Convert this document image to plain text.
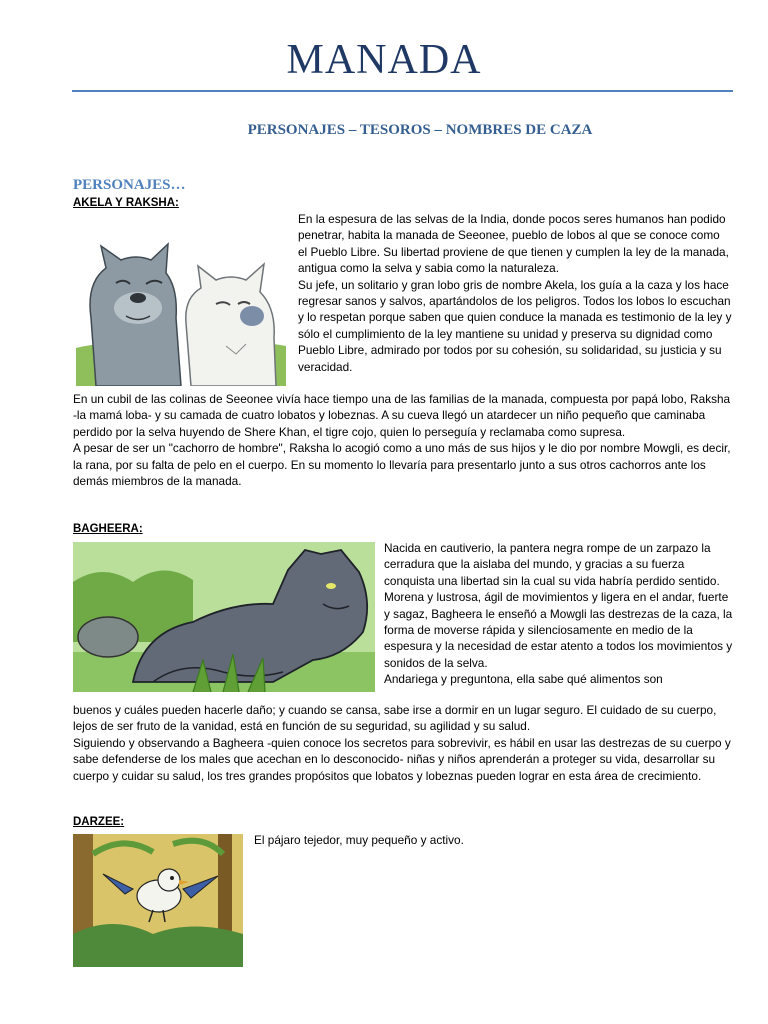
MANADA
PERSONAJES – TESOROS – NOMBRES DE CAZA
PERSONAJES…
AKELA Y RAKSHA:

En la espesura de las selvas de la India, donde pocos seres humanos han podido penetrar, habita la manada de Seeonee, pueblo de lobos al que se conoce como el Pueblo Libre. Su libertad proviene de que tienen y cumplen la ley de la manada, antigua como la selva y sabia como la naturaleza.

Su jefe, un solitario y gran lobo gris de nombre Akela, los guía a la caza y los hace regresar sanos y salvos, apartándolos de los peligros. Todos los lobos lo escuchan y lo respetan porque saben que quien conduce la manada es testimonio de la ley y sólo el cumplimiento de la ley mantiene su unidad y preserva su dignidad como Pueblo Libre, admirado por todos por su cohesión, su solidaridad, su justicia y su veracidad.

En un cubil de las colinas de Seeonee vivía hace tiempo una de las familias de la manada, compuesta por papá lobo, Raksha -la mamá loba- y su camada de cuatro lobatos y lobeznas. A su cueva llegó un atardecer un niño pequeño que caminaba perdido por la selva huyendo de Shere Khan, el tigre cojo, quien lo perseguía y reclamaba como supresa.

A pesar de ser un "cachorro de hombre", Raksha lo acogió como a uno más de sus hijos y le dio por nombre Mowgli, es decir, la rana, por su falta de pelo en el cuerpo. En su momento lo llevaría para presentarlo junto a sus otros cachorros ante los demás miembros de la manada.

BAGHEERA:

Nacida en cautiverio, la pantera negra rompe de un zarpazo la cerradura que la aislaba del mundo, y gracias a su fuerza conquista una libertad sin la cual su vida habría perdido sentido.

Morena y lustrosa, ágil de movimientos y ligera en el andar, fuerte y sagaz, Bagheera le enseñó a Mowgli las destrezas de la caza, la forma de moverse rápida y silenciosamente en medio de la espesura y la necesidad de estar atento a todos los movimientos y sonidos de la selva.

Andariega y preguntona, ella sabe qué alimentos son

buenos y cuáles pueden hacerle daño; y cuando se cansa, sabe irse a dormir en un lugar seguro. El cuidado de su cuerpo, lejos de ser fruto de la vanidad, está en función de su seguridad, su agilidad y su salud.

Siguiendo y observando a Bagheera -quien conoce los secretos para sobrevivir, es hábil en usar las destrezas de su cuerpo y sabe defenderse de los males que acechan en lo desconocido- niñas y niños aprenderán a proteger su vida, desarrollar su cuerpo y cuidar su salud, los tres grandes propósitos que lobatos y lobeznas pueden lograr en esta área de crecimiento.

DARZEE:
El pájaro tejedor, muy pequeño y activo.
